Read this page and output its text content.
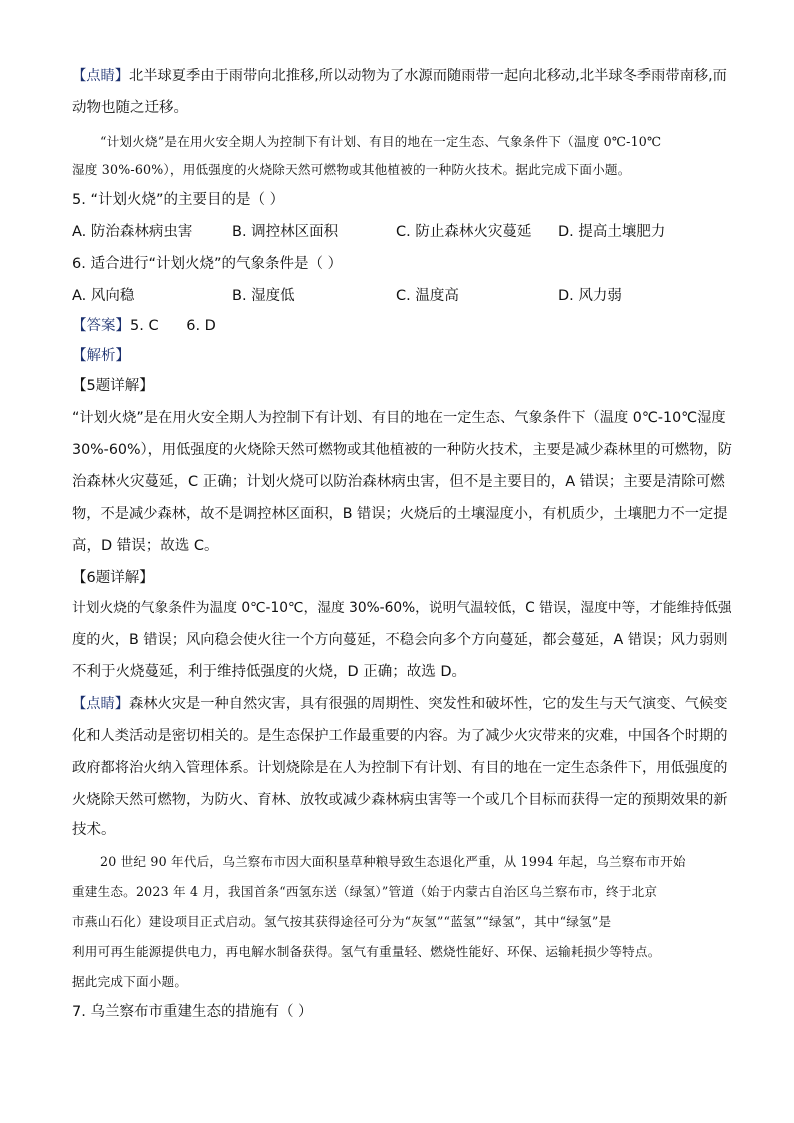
【点睛】北半球夏季由于雨带向北推移,所以动物为了水源而随雨带一起向北移动,北半球冬季雨带南移,而
动物也随之迁移。
“计划火烧”是在用火安全期人为控制下有计划、有目的地在一定生态、气象条件下（温度 0℃-10℃
湿度 30%-60%），用低强度的火烧除天然可燃物或其他植被的一种防火技术。据此完成下面小题。
5. “计划火烧”的主要目的是（ ）
A. 防治森林病虫害	B. 调控林区面积	C. 防止森林火灾蔓延 D. 提高土壤肥力
6. 适合进行“计划火烧”的气象条件是（ ）
A. 风向稳	B. 湿度低	C. 温度高	D. 风力弱
【答案】5. C      6. D
【解析】
【5题详解】
“计划火烧”是在用火安全期人为控制下有计划、有目的地在一定生态、气象条件下（温度 0℃-10℃湿度
30%-60%），用低强度的火烧除天然可燃物或其他植被的一种防火技术，主要是减少森林里的可燃物，防
治森林火灾蔓延，C 正确；计划火烧可以防治森林病虫害，但不是主要目的，A 错误；主要是清除可燃
物，不是减少森林，故不是调控林区面积，B 错误；火烧后的土壤湿度小，有机质少，土壤肥力不一定提
高，D 错误；故选 C。
【6题详解】
计划火烧的气象条件为温度 0℃-10℃，湿度 30%-60%，说明气温较低，C 错误，湿度中等，才能维持低强
度的火，B 错误；风向稳会使火往一个方向蔓延，不稳会向多个方向蔓延，都会蔓延，A 错误；风力弱则
不利于火烧蔓延，利于维持低强度的火烧，D 正确；故选 D。
【点睛】森林火灾是一种自然灾害，具有很强的周期性、突发性和破坏性，它的发生与天气演变、气候变
化和人类活动是密切相关的。是生态保护工作最重要的内容。为了减少火灾带来的灾难，中国各个时期的
政府都将治火纳入管理体系。计划烧除是在人为控制下有计划、有目的地在一定生态条件下，用低强度的
火烧除天然可燃物，为防火、育林、放牧或减少森林病虫害等一个或几个目标而获得一定的预期效果的新
技术。
20 世纪 90 年代后，乌兰察布市因大面积垦草种粮导致生态退化严重，从 1994 年起，乌兰察布市开始
重建生态。2023 年 4 月，我国首条“西氢东送（绿氢）”管道（始于内蒙古自治区乌兰察布市，终于北京
市燕山石化）建设项目正式启动。氢气按其获得途径可分为“灰氢”“蓝氢”“绿氢”，其中“绿氢”是
利用可再生能源提供电力，再电解水制备获得。氢气有重量轻、燃烧性能好、环保、运输耗损少等特点。
据此完成下面小题。
7. 乌兰察布市重建生态的措施有（ ）
